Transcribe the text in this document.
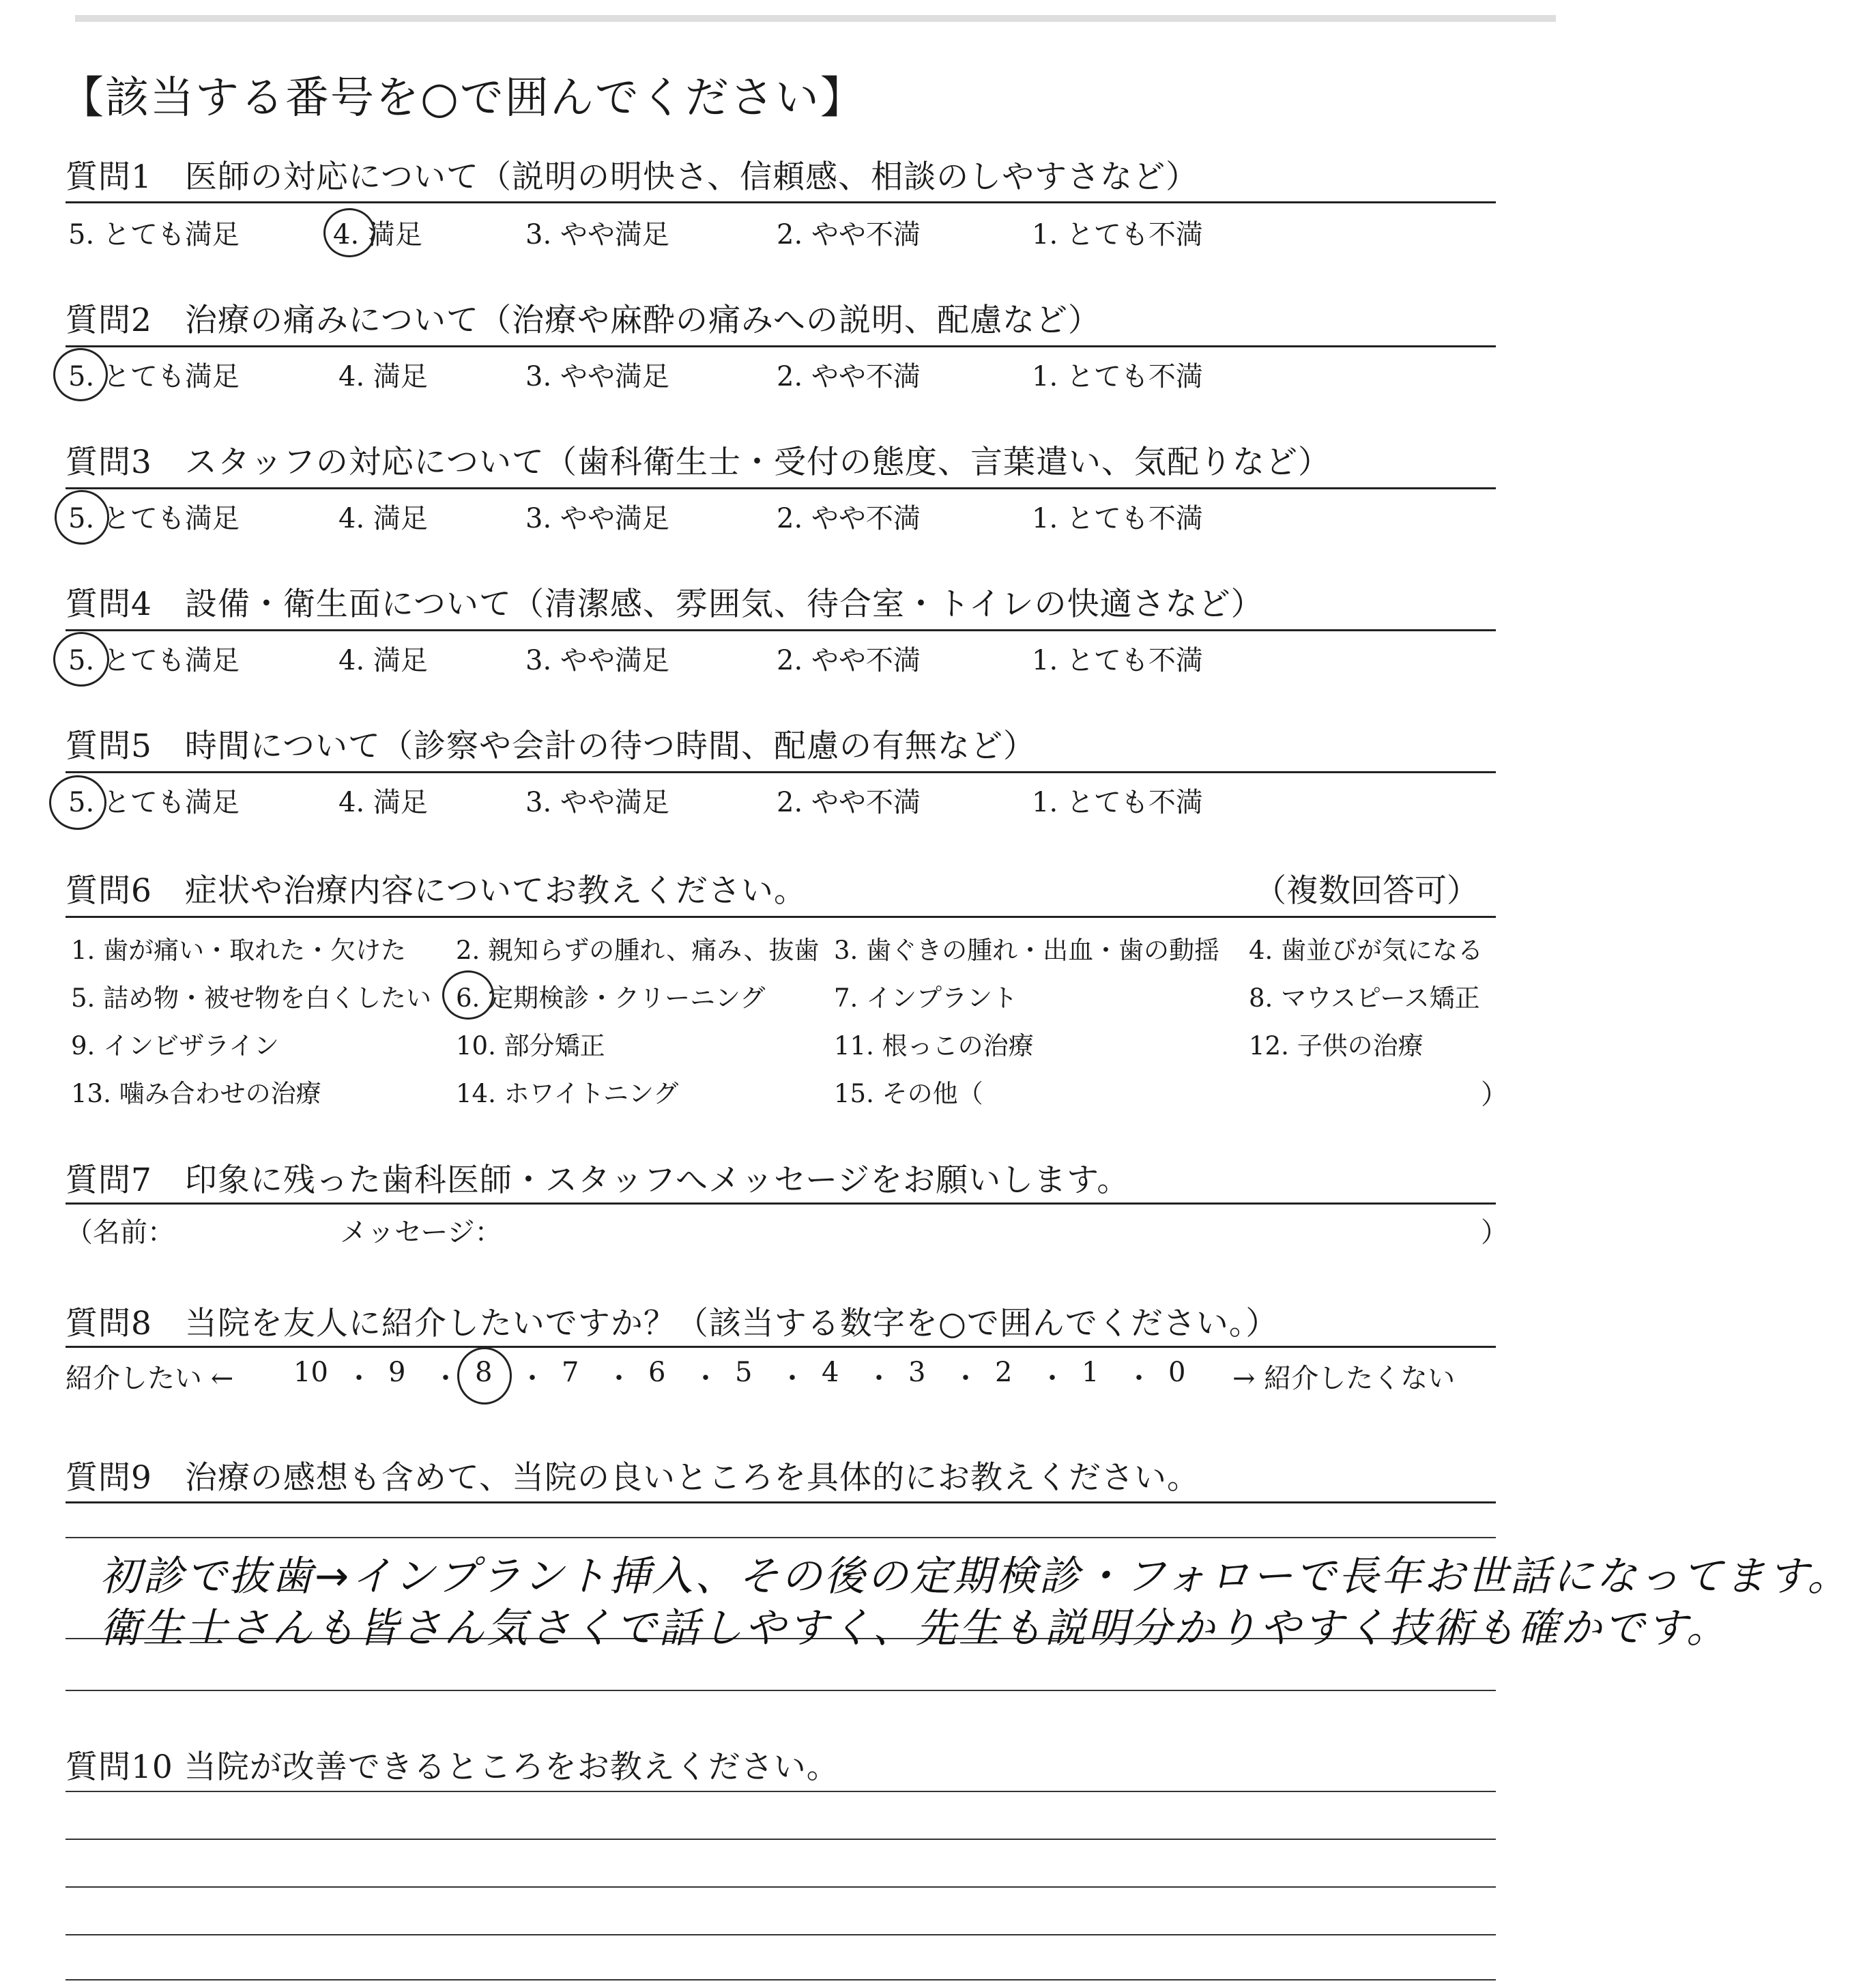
【該当する番号を○で囲んでください】
質問1　医師の対応について（説明の明快さ、信頼感、相談のしやすさなど）
5. とても満足	4. 満足	3. やや満足	2. やや不満	1. とても不満
質問2　治療の痛みについて（治療や麻酔の痛みへの説明、配慮など）
5. とても満足	4. 満足	3. やや満足	2. やや不満	1. とても不満
質問3　スタッフの対応について（歯科衛生士・受付の態度、言葉遣い、気配りなど）
5. とても満足	4. 満足	3. やや満足	2. やや不満	1. とても不満
質問4　設備・衛生面について（清潔感、雰囲気、待合室・トイレの快適さなど）
5. とても満足	4. 満足	3. やや満足	2. やや不満	1. とても不満
質問5　時間について（診察や会計の待つ時間、配慮の有無など）
5. とても満足	4. 満足	3. やや満足	2. やや不満	1. とても不満
質問6　症状や治療内容についてお教えください。	（複数回答可）
1. 歯が痛い・取れた・欠けた 2. 親知らずの腫れ、痛み、抜歯 3. 歯ぐきの腫れ・出血・歯の動揺 4. 歯並びが気になる
5. 詰め物・被せ物を白くしたい 6. 定期検診・クリーニング	7. インプラント	8. マウスピース矯正
9. インビザライン	10. 部分矯正	11. 根っこの治療	12. 子供の治療
13. 噛み合わせの治療	14. ホワイトニング	15. その他（	）
質問7　印象に残った歯科医師・スタッフへメッセージをお願いします。
（名前：	メッセージ：	）
質問8　当院を友人に紹介したいですか？（該当する数字を○で囲んでください。）
紹介したい ←	→ 紹介したくない
10 ・ 9 ・ 8 ・ 7 ・ 6 ・ 5 ・ 4 ・ 3 ・ 2 ・ 1 ・ 0
質問9　治療の感想も含めて、当院の良いところを具体的にお教えください。
初診で抜歯→インプラント挿入、その後の定期検診・フォローで長年お世話になってます。
衛生士さんも皆さん気さくで話しやすく、先生も説明分かりやすく技術も確かです。
質問10 当院が改善できるところをお教えください。
